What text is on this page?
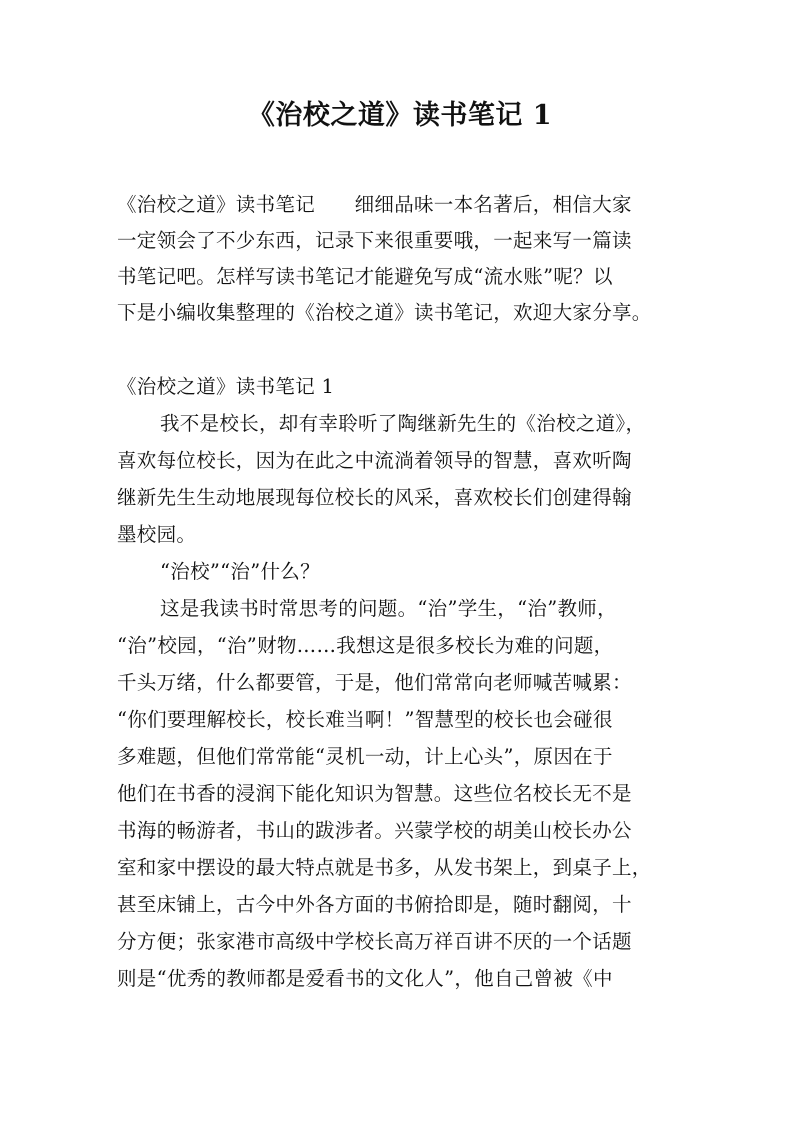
《治校之道》读书笔记 1
《治校之道》读书笔记　　细细品味一本名著后，相信大家
一定领会了不少东西，记录下来很重要哦，一起来写一篇读
书笔记吧。怎样写读书笔记才能避免写成“流水账”呢？以
下是小编收集整理的《治校之道》读书笔记，欢迎大家分享。
《治校之道》读书笔记 1
我不是校长，却有幸聆听了陶继新先生的《治校之道》，
喜欢每位校长，因为在此之中流淌着领导的智慧，喜欢听陶
继新先生生动地展现每位校长的风采，喜欢校长们创建得翰
墨校园。
“治校”“治”什么？
这是我读书时常思考的问题。“治”学生，“治”教师，
“治”校园，“治”财物……我想这是很多校长为难的问题，
千头万绪，什么都要管，于是，他们常常向老师喊苦喊累：
“你们要理解校长，校长难当啊！”智慧型的校长也会碰很
多难题，但他们常常能“灵机一动，计上心头”，原因在于
他们在书香的浸润下能化知识为智慧。这些位名校长无不是
书海的畅游者，书山的跋涉者。兴蒙学校的胡美山校长办公
室和家中摆设的最大特点就是书多，从发书架上，到桌子上，
甚至床铺上，古今中外各方面的书俯拾即是，随时翻阅，十
分方便；张家港市高级中学校长高万祥百讲不厌的一个话题
则是“优秀的教师都是爱看书的文化人”，他自己曾被《中
